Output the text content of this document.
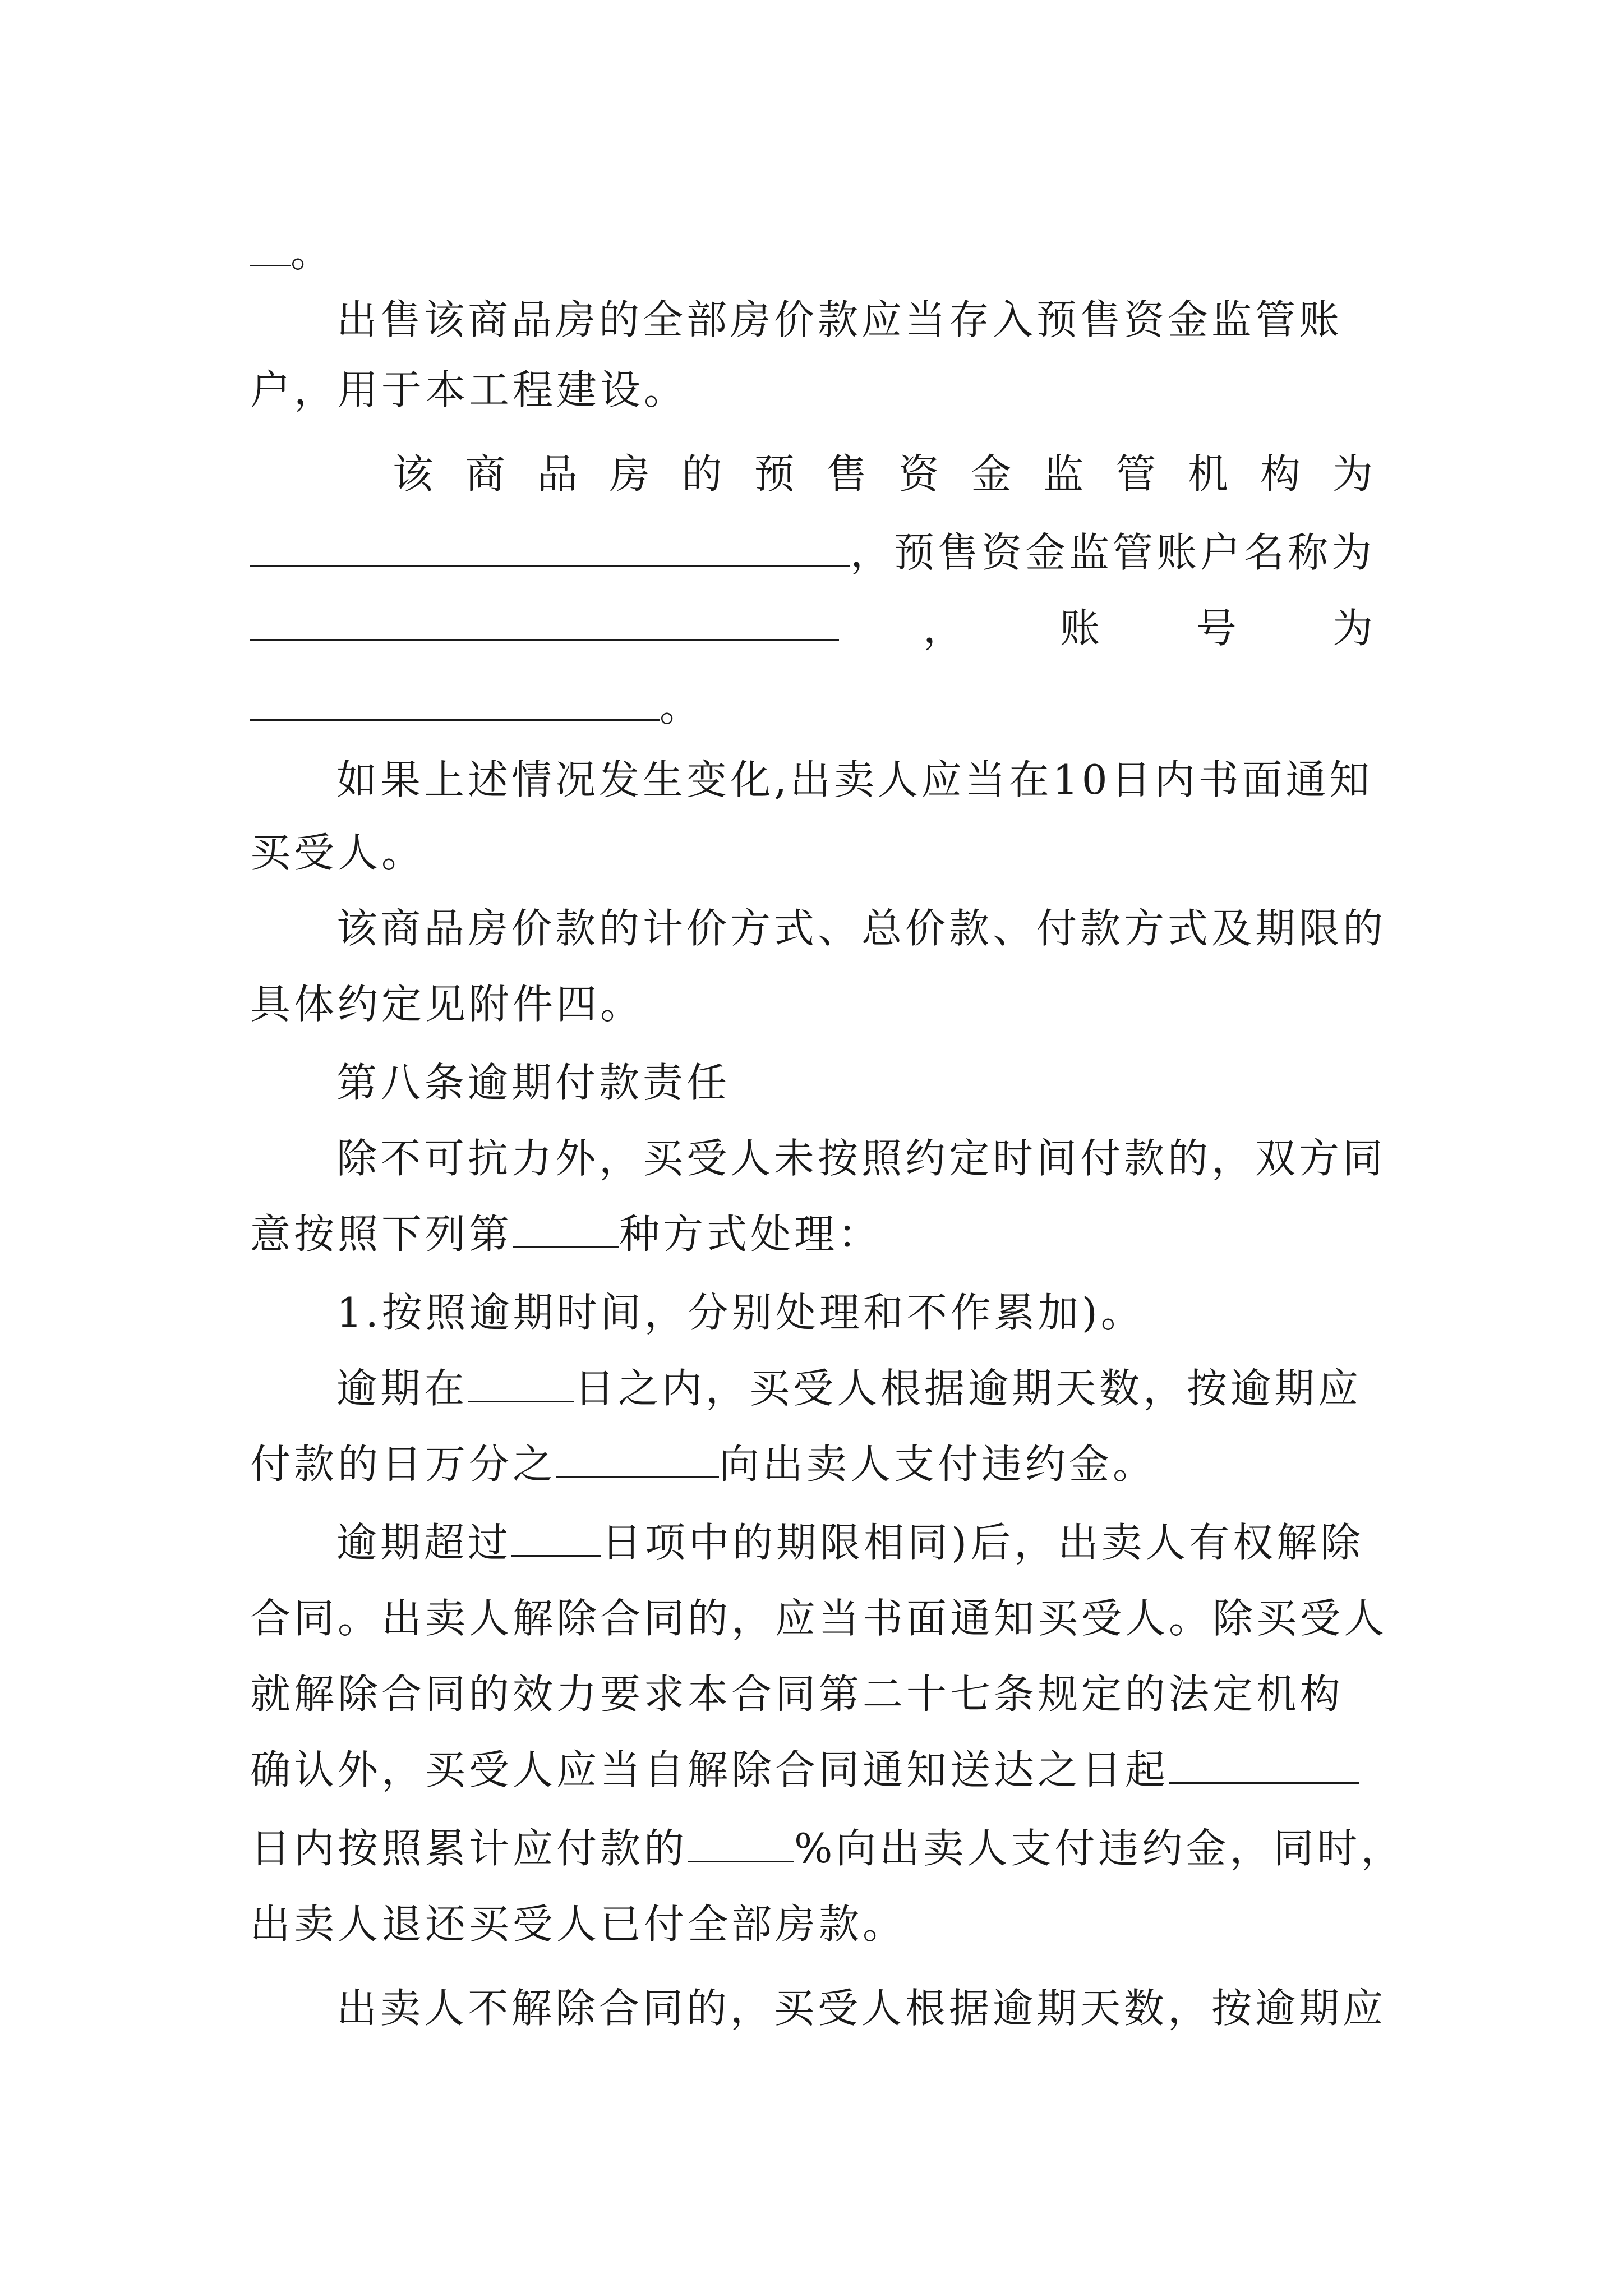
。
出售该商品房的全部房价款应当存入预售资金监管账
户，用于本工程建设。
该 商 品 房 的 预 售 资 金 监 管 机 构 为
，预售资金监管账户名称为
， 账 号 为
。
如果上述情况发生变化,出卖人应当在10日内书面通知
买受人。
该商品房价款的计价方式、总价款、付款方式及期限的
具体约定见附件四。
第八条逾期付款责任
除不可抗力外，买受人未按照约定时间付款的，双方同
意按照下列第	种方式处理：
1.按照逾期时间，分别处理和不作累加)。
逾期在	日之内，买受人根据逾期天数，按逾期应
付款的日万分之	向出卖人支付违约金。
逾期超过 日项中的期限相同)后，出卖人有权解除
合同。出卖人解除合同的，应当书面通知买受人。除买受人
就解除合同的效力要求本合同第二十七条规定的法定机构
确认外，买受人应当自解除合同通知送达之日起
日内按照累计应付款的	%向出卖人支付违约金，同时，
出卖人退还买受人已付全部房款。
出卖人不解除合同的，买受人根据逾期天数，按逾期应
